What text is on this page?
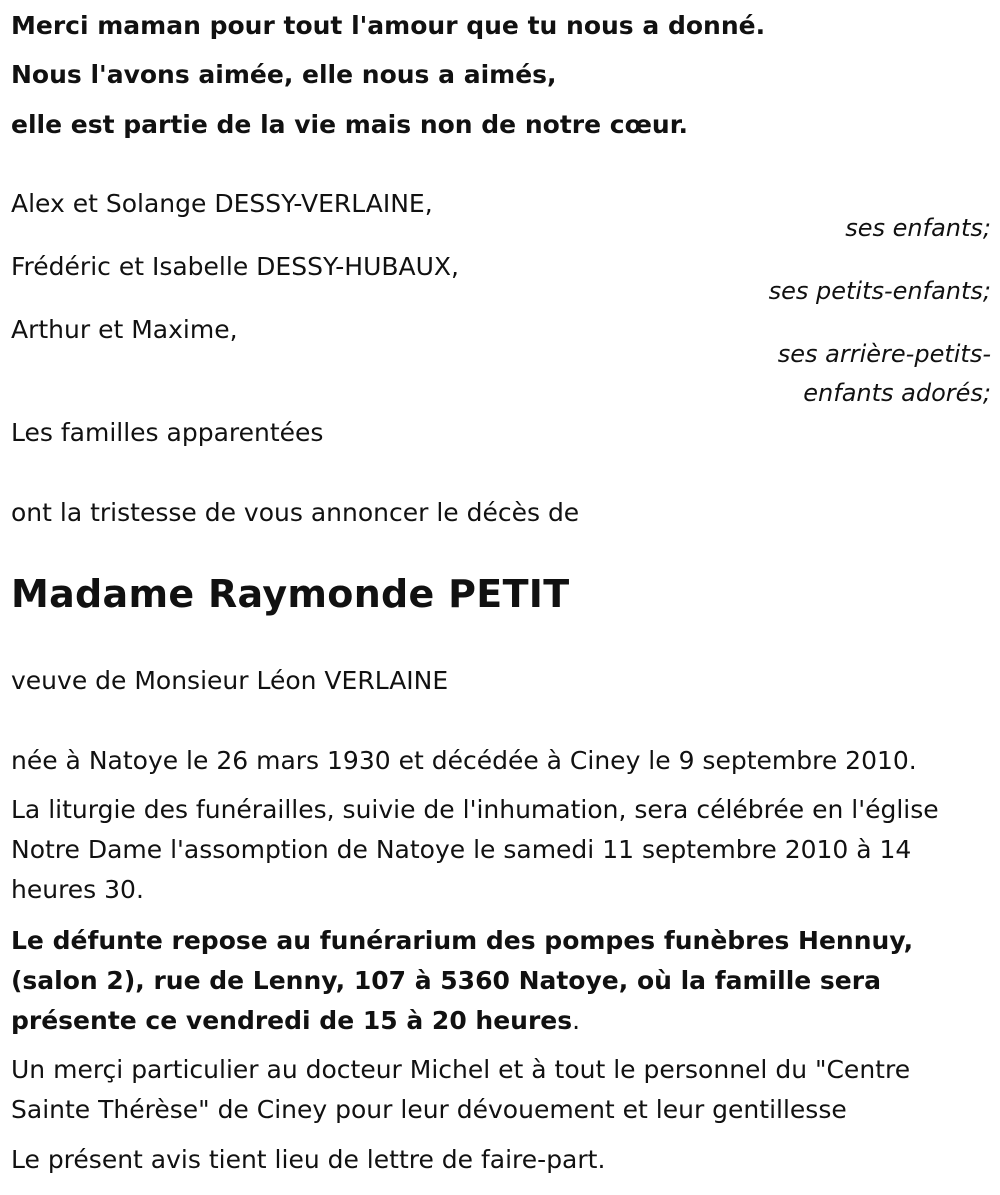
Merci maman pour tout l'amour que tu nous a donné.
Nous l'avons aimée, elle nous a aimés,
elle est partie de la vie mais non de notre cœur.
Alex et Solange DESSY-VERLAINE,
ses enfants;
Frédéric et Isabelle DESSY-HUBAUX,
ses petits-enfants;
Arthur et Maxime,
ses arrière-petits-
enfants adorés;
Les familles apparentées
ont la tristesse de vous annoncer le décès de
Madame Raymonde PETIT
veuve de Monsieur Léon VERLAINE
née à Natoye le 26 mars 1930 et décédée à Ciney le 9 septembre 2010.
La liturgie des funérailles, suivie de l'inhumation, sera célébrée en l'église Notre Dame l'assomption de Natoye le samedi 11 septembre 2010 à 14 heures 30.
Le défunte repose au funérarium des pompes funèbres Hennuy, (salon 2), rue de Lenny, 107 à 5360 Natoye, où la famille sera présente ce vendredi de 15 à 20 heures.
Un merçi particulier au docteur Michel et à tout le personnel du "Centre Sainte Thérèse" de Ciney pour leur dévouement et leur gentillesse
Le présent avis tient lieu de lettre de faire-part.
